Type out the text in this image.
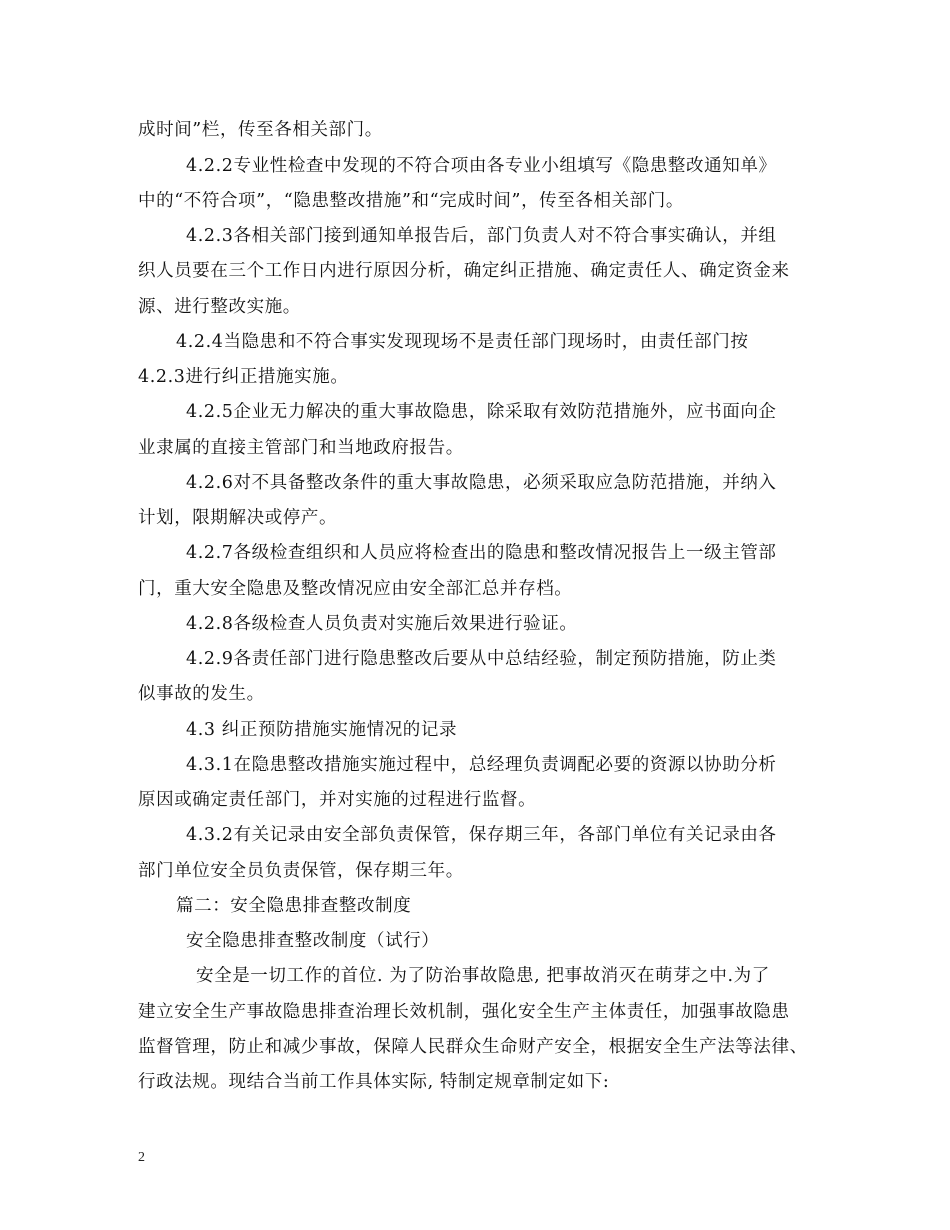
成时间”栏，传至各相关部门。
4.2.2专业性检查中发现的不符合项由各专业小组填写《隐患整改通知单》
中的“不符合项”，“隐患整改措施”和“完成时间”，传至各相关部门。
4.2.3各相关部门接到通知单报告后，部门负责人对不符合事实确认，并组
织人员要在三个工作日内进行原因分析，确定纠正措施、确定责任人、确定资金来
源、进行整改实施。
4.2.4当隐患和不符合事实发现现场不是责任部门现场时，由责任部门按
4.2.3进行纠正措施实施。
4.2.5企业无力解决的重大事故隐患，除采取有效防范措施外，应书面向企
业隶属的直接主管部门和当地政府报告。
4.2.6对不具备整改条件的重大事故隐患，必须采取应急防范措施，并纳入
计划，限期解决或停产。
4.2.7各级检查组织和人员应将检查出的隐患和整改情况报告上一级主管部
门，重大安全隐患及整改情况应由安全部汇总并存档。
4.2.8各级检查人员负责对实施后效果进行验证。
4.2.9各责任部门进行隐患整改后要从中总结经验，制定预防措施，防止类
似事故的发生。
4.3 纠正预防措施实施情况的记录
4.3.1在隐患整改措施实施过程中，总经理负责调配必要的资源以协助分析
原因或确定责任部门，并对实施的过程进行监督。
4.3.2有关记录由安全部负责保管，保存期三年，各部门单位有关记录由各
部门单位安全员负责保管，保存期三年。
篇二：安全隐患排查整改制度
安全隐患排查整改制度（试行）
安全是一切工作的首位. 为了防治事故隐患, 把事故消灭在萌芽之中.为了
建立安全生产事故隐患排查治理长效机制，强化安全生产主体责任，加强事故隐患
监督管理，防止和减少事故，保障人民群众生命财产安全，根据安全生产法等法律、
行政法规。现结合当前工作具体实际, 特制定规章制定如下:
2
